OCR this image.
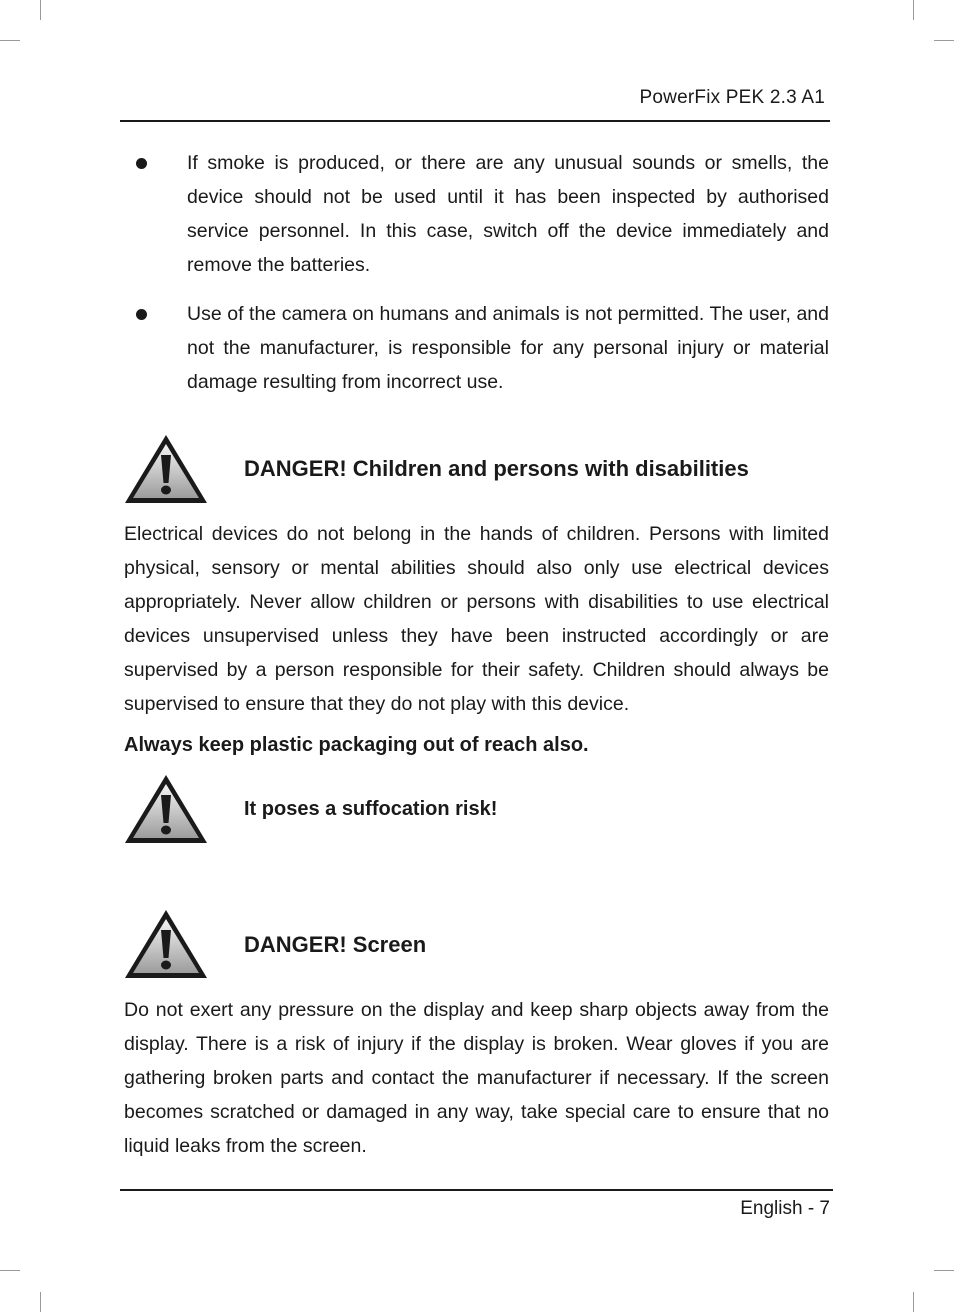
PowerFix PEK 2.3 A1
If smoke is produced, or there are any unusual sounds or smells, the device should not be used until it has been inspected by authorised service personnel. In this case, switch off the device immediately and remove the batteries.
Use of the camera on humans and animals is not permitted. The user, and not the manufacturer, is responsible for any personal injury or material damage resulting from incorrect use.
DANGER! Children and persons with disabilities
Electrical devices do not belong in the hands of children. Persons with limited physical, sensory or mental abilities should also only use electrical devices appropriately. Never allow children or persons with disabilities to use electrical devices unsupervised unless they have been instructed accordingly or are supervised by a person responsible for their safety. Children should always be supervised to ensure that they do not play with this device.
Always keep plastic packaging out of reach also.
It poses a suffocation risk!
DANGER! Screen
Do not exert any pressure on the display and keep sharp objects away from the display. There is a risk of injury if the display is broken. Wear gloves if you are gathering broken parts and contact the manufacturer if necessary. If the screen becomes scratched or damaged in any way, take special care to ensure that no liquid leaks from the screen.
English - 7
